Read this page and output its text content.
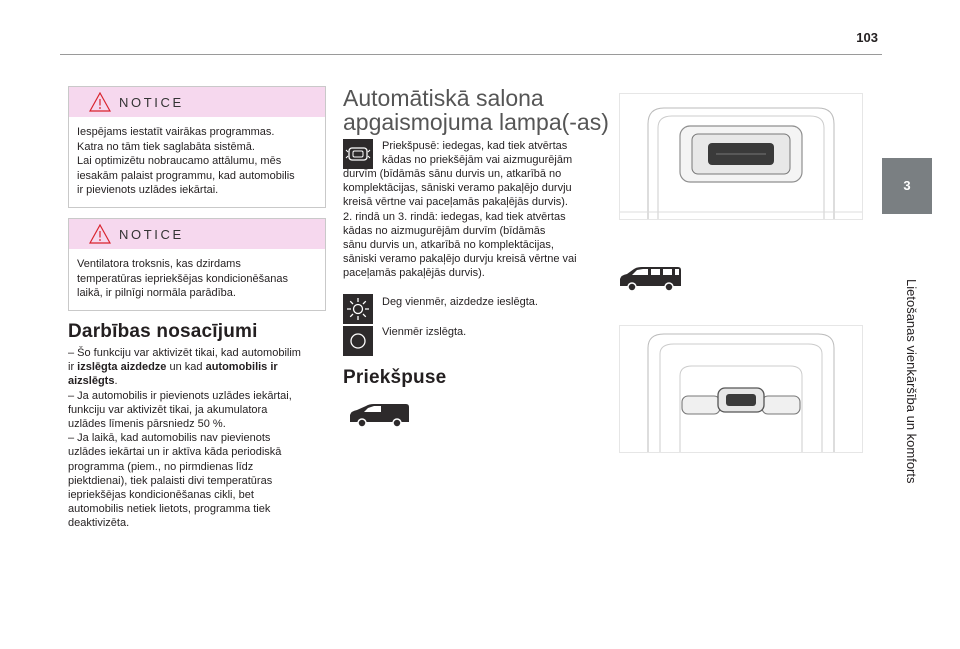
103
3
Lietošanas vienkāršība un komforts
NOTICE
Iespējams iestatīt vairākas programmas.
Katra no tām tiek saglabāta sistēmā.
Lai optimizētu nobraucamo attālumu, mēs
iesakām palaist programmu, kad automobilis
ir pievienots uzlādes iekārtai.
NOTICE
Ventilatora troksnis, kas dzirdams
temperatūras iepriekšējas kondicionēšanas
laikā, ir pilnīgi normāla parādība.
Darbības nosacījumi
– Šo funkciju var aktivizēt tikai, kad automobilim
ir izslēgta aizdedze un kad automobilis ir
aizslēgts.
– Ja automobilis ir pievienots uzlādes iekārtai,
funkciju var aktivizēt tikai, ja akumulatora
uzlādes līmenis pārsniedz 50 %.
– Ja laikā, kad automobilis nav pievienots
uzlādes iekārtai un ir aktīva kāda periodiskā
programma (piem., no pirmdienas līdz
piektdienai), tiek palaisti divi temperatūras
iepriekšējas kondicionēšanas cikli, bet
automobilis netiek lietots, programma tiek
deaktivizēta.
Automātiskā salona
apgaismojuma lampa(-as)
Priekšpusē: iedegas, kad tiek atvērtas
kādas no priekšējām vai aizmugurējām
durvīm (bīdāmās sānu durvis un, atkarībā no
komplektācijas, sāniski veramo pakaļējo durvju
kreisā vērtne vai paceļamās pakaļējās durvis).
2. rindā un 3. rindā: iedegas, kad tiek atvērtas
kādas no aizmugurējām durvīm (bīdāmās
sānu durvis un, atkarībā no komplektācijas,
sāniski veramo pakaļējo durvju kreisā vērtne vai
paceļamās pakaļējās durvis).
Deg vienmēr, aizdedze ieslēgta.
Vienmēr izslēgta.
Priekšpuse
